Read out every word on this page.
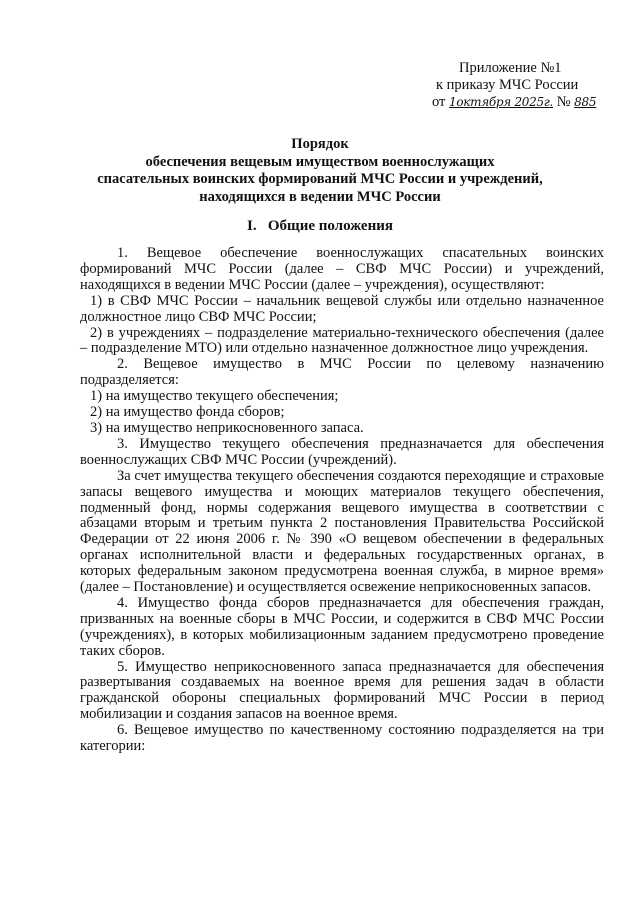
Приложение №1
к приказу МЧС России
от 1октября 2025г. № 885
Порядок
обеспечения вещевым имуществом военнослужащих
спасательных воинских формирований МЧС России и учреждений,
находящихся в ведении МЧС России
I. Общие положения

1. Вещевое обеспечение военнослужащих спасательных воинских формирований МЧС России (далее – СВФ МЧС России) и учреждений, находящихся в ведении МЧС России (далее – учреждения), осуществляют:

1) в СВФ МЧС России – начальник вещевой службы или отдельно назначенное должностное лицо СВФ МЧС России;

2) в учреждениях – подразделение материально-технического обеспечения (далее – подразделение МТО) или отдельно назначенное должностное лицо учреждения.

2. Вещевое имущество в МЧС России по целевому назначению подразделяется:

1) на имущество текущего обеспечения;

2) на имущество фонда сборов;

3) на имущество неприкосновенного запаса.

3. Имущество текущего обеспечения предназначается для обеспечения военнослужащих СВФ МЧС России (учреждений).

За счет имущества текущего обеспечения создаются переходящие и страховые запасы вещевого имущества и моющих материалов текущего обеспечения, подменный фонд, нормы содержания вещевого имущества в соответствии с абзацами вторым и третьим пункта 2 постановления Правительства Российской Федерации от 22 июня 2006 г. № 390 «О вещевом обеспечении в федеральных органах исполнительной власти и федеральных государственных органах, в которых федеральным законом предусмотрена военная служба, в мирное время» (далее – Постановление) и осуществляется освежение неприкосновенных запасов.

4. Имущество фонда сборов предназначается для обеспечения граждан, призванных на военные сборы в МЧС России, и содержится в СВФ МЧС России (учреждениях), в которых мобилизационным заданием предусмотрено проведение таких сборов.

5. Имущество неприкосновенного запаса предназначается для обеспечения развертывания создаваемых на военное время для решения задач в области гражданской обороны специальных формирований МЧС России в период мобилизации и создания запасов на военное время.

6. Вещевое имущество по качественному состоянию подразделяется на три категории:
